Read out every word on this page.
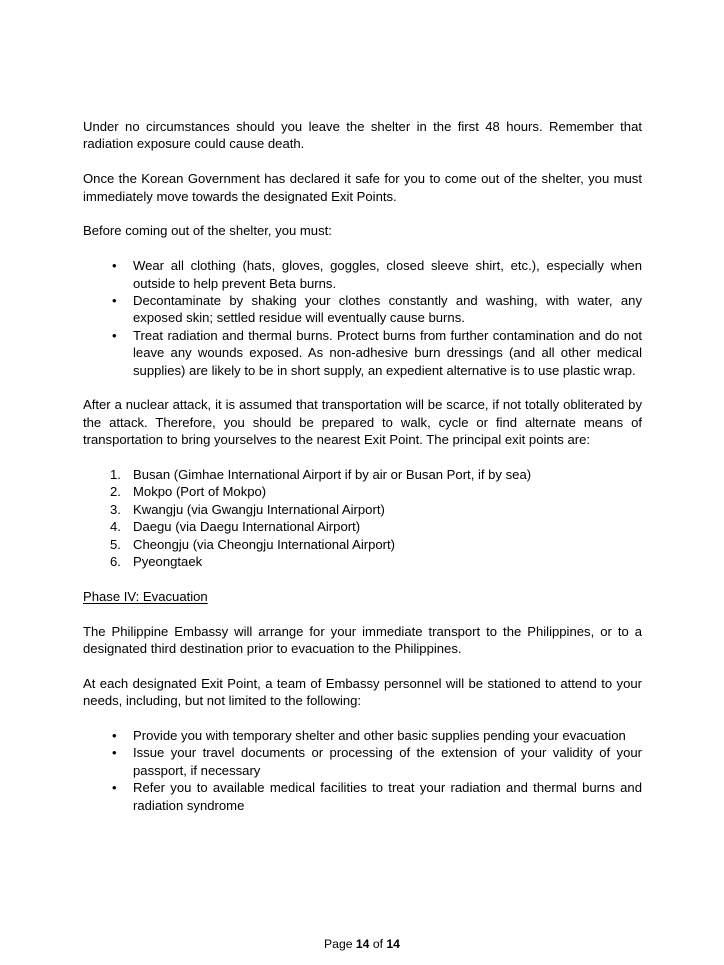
Under no circumstances should you leave the shelter in the first 48 hours. Remember that radiation exposure could cause death.

Once the Korean Government has declared it safe for you to come out of the shelter, you must immediately move towards the designated Exit Points.

Before coming out of the shelter, you must:

•	Wear all clothing (hats, gloves, goggles, closed sleeve shirt, etc.), especially when outside to help prevent Beta burns.
•	Decontaminate by shaking your clothes constantly and washing, with water, any exposed skin; settled residue will eventually cause burns.
•	Treat radiation and thermal burns. Protect burns from further contamination and do not leave any wounds exposed. As non-adhesive burn dressings (and all other medical supplies) are likely to be in short supply, an expedient alternative is to use plastic wrap.

After a nuclear attack, it is assumed that transportation will be scarce, if not totally obliterated by the attack. Therefore, you should be prepared to walk, cycle or find alternate means of transportation to bring yourselves to the nearest Exit Point. The principal exit points are:

1. Busan (Gimhae International Airport if by air or Busan Port, if by sea)
2. Mokpo (Port of Mokpo)
3. Kwangju (via Gwangju International Airport)
4. Daegu (via Daegu International Airport)
5. Cheongju (via Cheongju International Airport)
6. Pyeongtaek
Phase IV: Evacuation

The Philippine Embassy will arrange for your immediate transport to the Philippines, or to a designated third destination prior to evacuation to the Philippines.

At each designated Exit Point, a team of Embassy personnel will be stationed to attend to your needs, including, but not limited to the following:

•	Provide you with temporary shelter and other basic supplies pending your evacuation
•	Issue your travel documents or processing of the extension of your validity of your passport, if necessary
•	Refer you to available medical facilities to treat your radiation and thermal burns and radiation syndrome
Page 14 of 14
